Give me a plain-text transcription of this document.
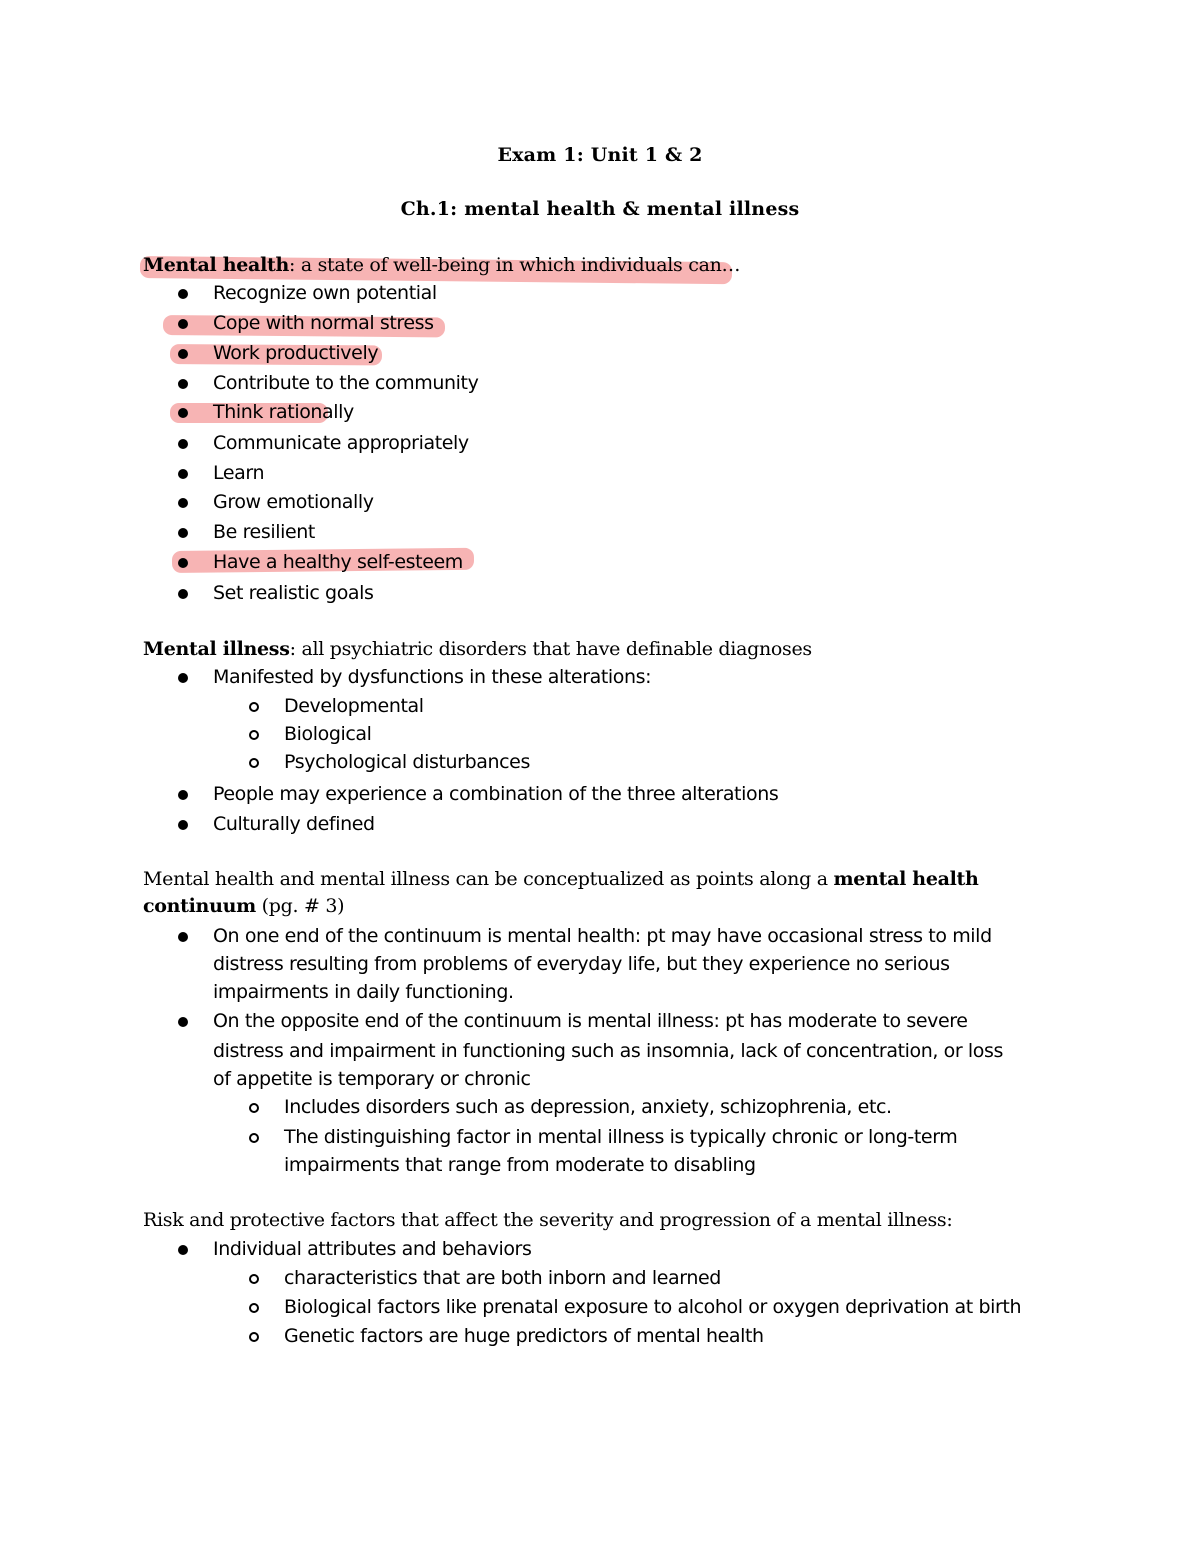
Exam 1: Unit 1 & 2
Ch.1: mental health & mental illness
Mental health: a state of well-being in which individuals can…
Recognize own potential
Cope with normal stress
Work productively
Contribute to the community
Think rationally
Communicate appropriately
Learn
Grow emotionally
Be resilient
Have a healthy self-esteem
Set realistic goals
Mental illness: all psychiatric disorders that have definable diagnoses
Manifested by dysfunctions in these alterations:
Developmental
Biological
Psychological disturbances
People may experience a combination of the three alterations
Culturally defined
Mental health and mental illness can be conceptualized as points along a mental health
continuum (pg. # 3)
On one end of the continuum is mental health: pt may have occasional stress to mild
distress resulting from problems of everyday life, but they experience no serious
impairments in daily functioning.
On the opposite end of the continuum is mental illness: pt has moderate to severe
distress and impairment in functioning such as insomnia, lack of concentration, or loss
of appetite is temporary or chronic
Includes disorders such as depression, anxiety, schizophrenia, etc.
The distinguishing factor in mental illness is typically chronic or long-term
impairments that range from moderate to disabling
Risk and protective factors that affect the severity and progression of a mental illness:
Individual attributes and behaviors
characteristics that are both inborn and learned
Biological factors like prenatal exposure to alcohol or oxygen deprivation at birth
Genetic factors are huge predictors of mental health
